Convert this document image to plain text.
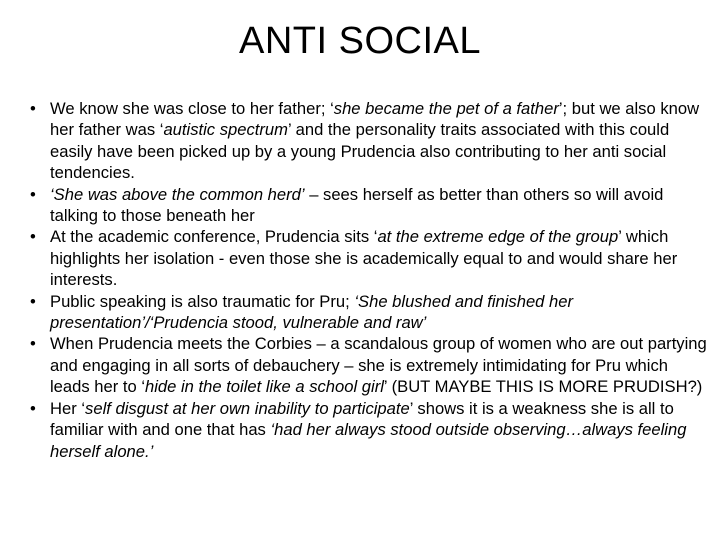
ANTI SOCIAL
• We know she was close to her father; ‘she became the pet of a father’; but we also know her father was ‘autistic spectrum’ and the personality traits associated with this could easily have been picked up by a young Prudencia also contributing to her anti social tendencies.
• ‘She was above the common herd’ – sees herself as better than others so will avoid talking to those beneath her
• At the academic conference, Prudencia sits ‘at the extreme edge of the group’ which highlights her isolation - even those she is academically equal to and would share her interests.
• Public speaking is also traumatic for Pru; ‘She blushed and finished her presentation’/‘Prudencia stood, vulnerable and raw’
• When Prudencia meets the Corbies – a scandalous group of women who are out partying and engaging in all sorts of debauchery – she is extremely intimidating for Pru which leads her to ‘hide in the toilet like a school girl’ (BUT MAYBE THIS IS MORE PRUDISH?)
• Her ‘self disgust at her own inability to participate’ shows it is a weakness she is all to familiar with and one that has ‘had her always stood outside observing…always feeling herself alone.’
